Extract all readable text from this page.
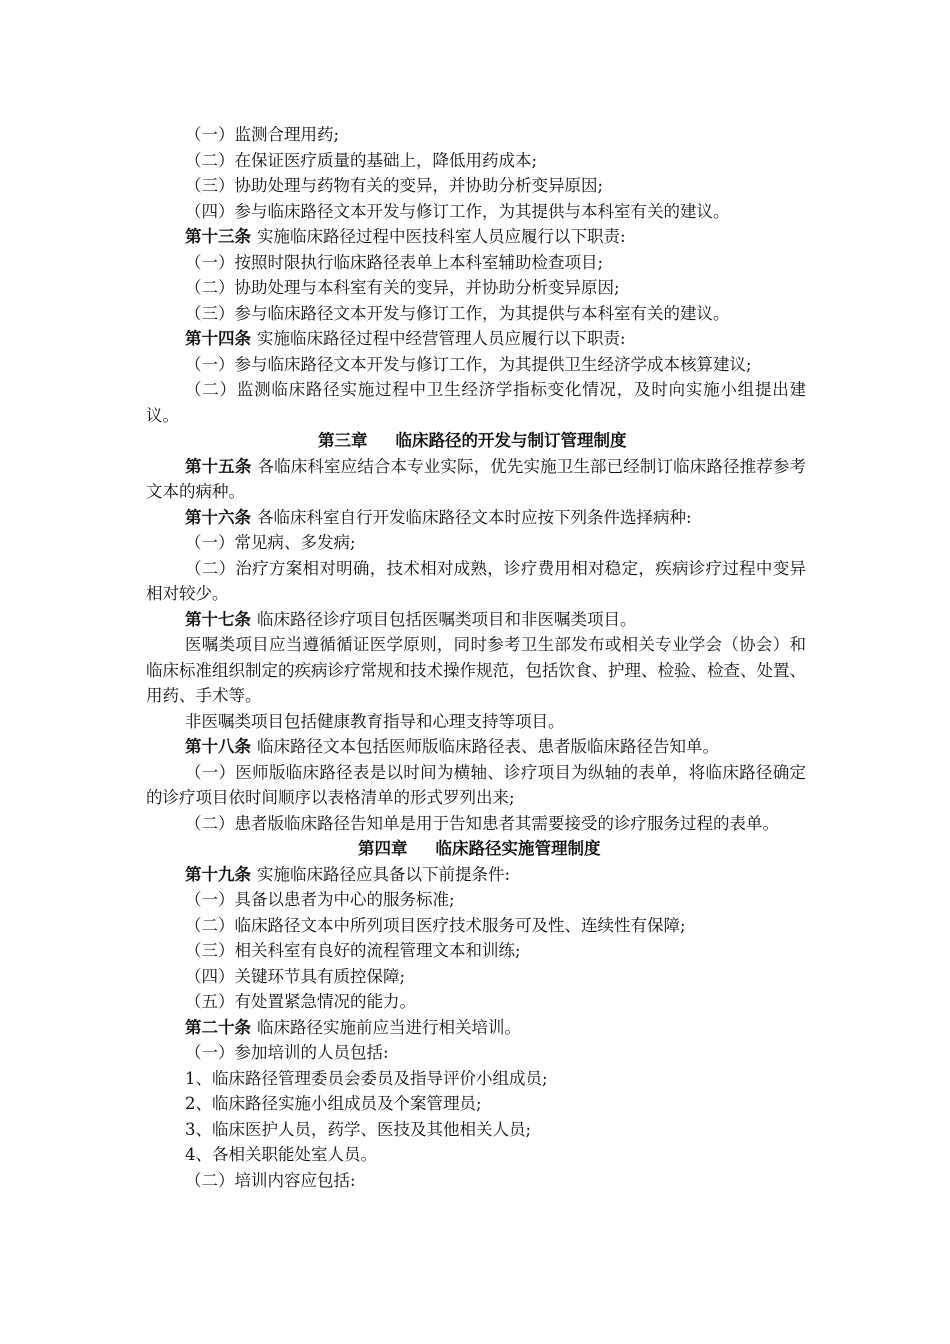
（一）监测合理用药;

（二）在保证医疗质量的基础上，降低用药成本;

（三）协助处理与药物有关的变异，并协助分析变异原因;

（四）参与临床路径文本开发与修订工作，为其提供与本科室有关的建议。

第十三条 实施临床路径过程中医技科室人员应履行以下职责:

（一）按照时限执行临床路径表单上本科室辅助检查项目;

（二）协助处理与本科室有关的变异，并协助分析变异原因;

（三）参与临床路径文本开发与修订工作，为其提供与本科室有关的建议。

第十四条 实施临床路径过程中经营管理人员应履行以下职责:

（一）参与临床路径文本开发与修订工作，为其提供卫生经济学成本核算建议;

（二）监测临床路径实施过程中卫生经济学指标变化情况，及时向实施小组提出建议。

第三章 临床路径的开发与制订管理制度

第十五条 各临床科室应结合本专业实际，优先实施卫生部已经制订临床路径推荐参考文本的病种。

第十六条 各临床科室自行开发临床路径文本时应按下列条件选择病种:

（一）常见病、多发病;

（二）治疗方案相对明确，技术相对成熟，诊疗费用相对稳定，疾病诊疗过程中变异相对较少。

第十七条 临床路径诊疗项目包括医嘱类项目和非医嘱类项目。

医嘱类项目应当遵循循证医学原则，同时参考卫生部发布或相关专业学会（协会）和临床标准组织制定的疾病诊疗常规和技术操作规范，包括饮食、护理、检验、检查、处置、用药、手术等。

非医嘱类项目包括健康教育指导和心理支持等项目。

第十八条 临床路径文本包括医师版临床路径表、患者版临床路径告知单。

（一）医师版临床路径表是以时间为横轴、诊疗项目为纵轴的表单，将临床路径确定的诊疗项目依时间顺序以表格清单的形式罗列出来;

（二）患者版临床路径告知单是用于告知患者其需要接受的诊疗服务过程的表单。

第四章 临床路径实施管理制度

第十九条 实施临床路径应具备以下前提条件:

（一）具备以患者为中心的服务标准;

（二）临床路径文本中所列项目医疗技术服务可及性、连续性有保障;

（三）相关科室有良好的流程管理文本和训练;

（四）关键环节具有质控保障;

（五）有处置紧急情况的能力。

第二十条 临床路径实施前应当进行相关培训。

（一）参加培训的人员包括:

1、临床路径管理委员会委员及指导评价小组成员;

2、临床路径实施小组成员及个案管理员;

3、临床医护人员，药学、医技及其他相关人员;

4、各相关职能处室人员。

（二）培训内容应包括:
